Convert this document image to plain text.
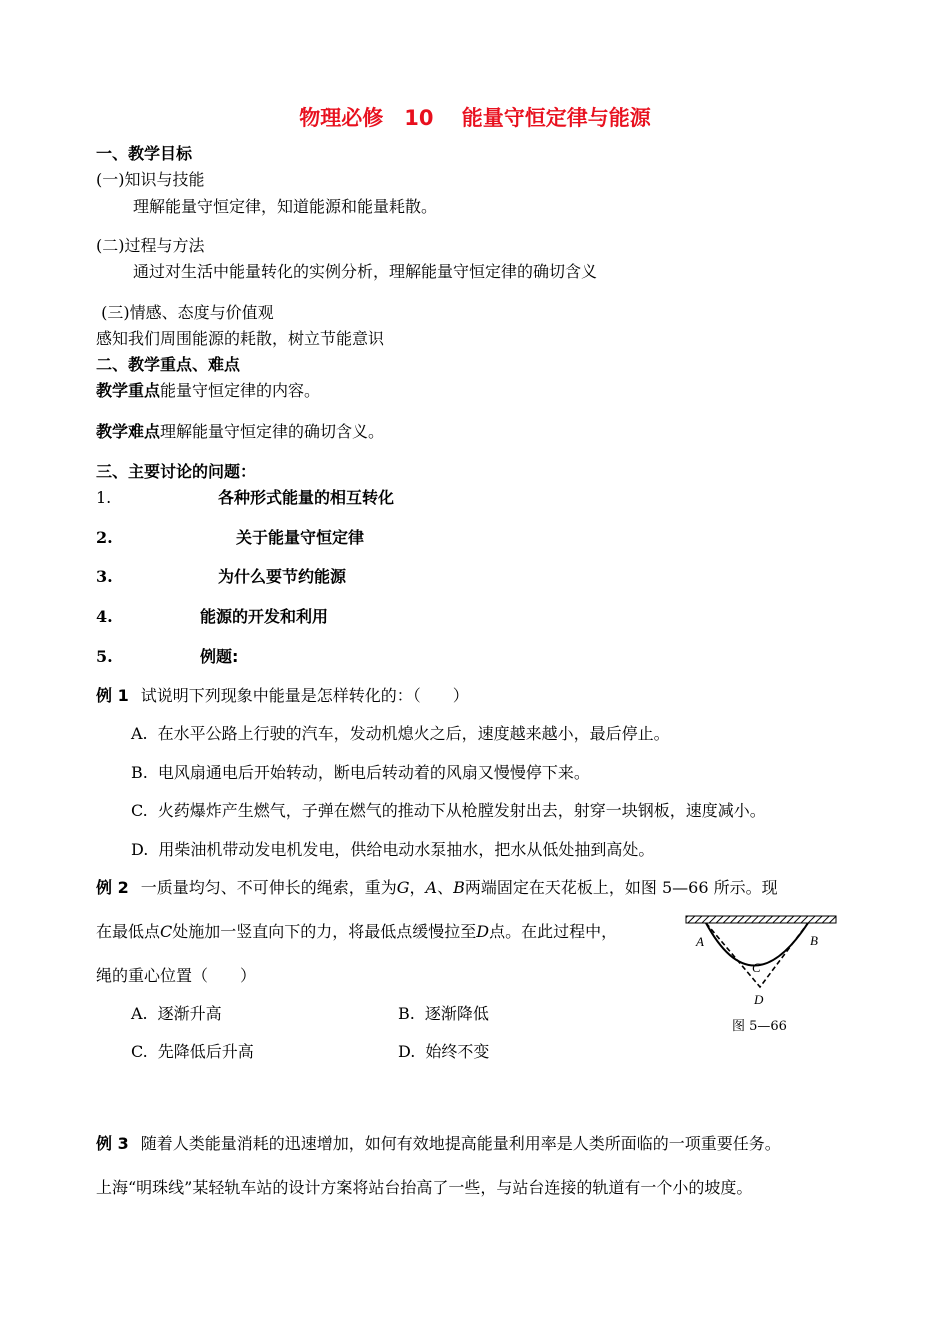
物理必修　10　 能量守恒定律与能源
一、教学目标
(一)知识与技能
理解能量守恒定律，知道能源和能量耗散。
(二)过程与方法
通过对生活中能量转化的实例分析，理解能量守恒定律的确切含义
(三)情感、态度与价值观
感知我们周围能源的耗散，树立节能意识
二、教学重点、难点
教学重点能量守恒定律的内容。
教学难点理解能量守恒定律的确切含义。
三、主要讨论的问题：
1.	各种形式能量的相互转化
2.	关于能量守恒定律
3.	为什么要节约能源
4.	能源的开发和利用
5.	例题:
例 1 试说明下列现象中能量是怎样转化的：（　　）
A. 在水平公路上行驶的汽车，发动机熄火之后，速度越来越小，最后停止。
B. 电风扇通电后开始转动，断电后转动着的风扇又慢慢停下来。
C. 火药爆炸产生燃气，子弹在燃气的推动下从枪膛发射出去，射穿一块钢板，速度减小。
D. 用柴油机带动发电机发电，供给电动水泵抽水，把水从低处抽到高处。
例 2 一质量均匀、不可伸长的绳索，重为G，A、B两端固定在天花板上，如图 5—66 所示。现
在最低点C处施加一竖直向下的力，将最低点缓慢拉至D点。在此过程中，
绳的重心位置（　　）
A. 逐渐升高	B. 逐渐降低
C. 先降低后升高	D. 始终不变
A	B
C
D
图 5—66
例 3 随着人类能量消耗的迅速增加，如何有效地提高能量利用率是人类所面临的一项重要任务。
上海“明珠线”某轻轨车站的设计方案将站台抬高了一些，与站台连接的轨道有一个小的坡度。
